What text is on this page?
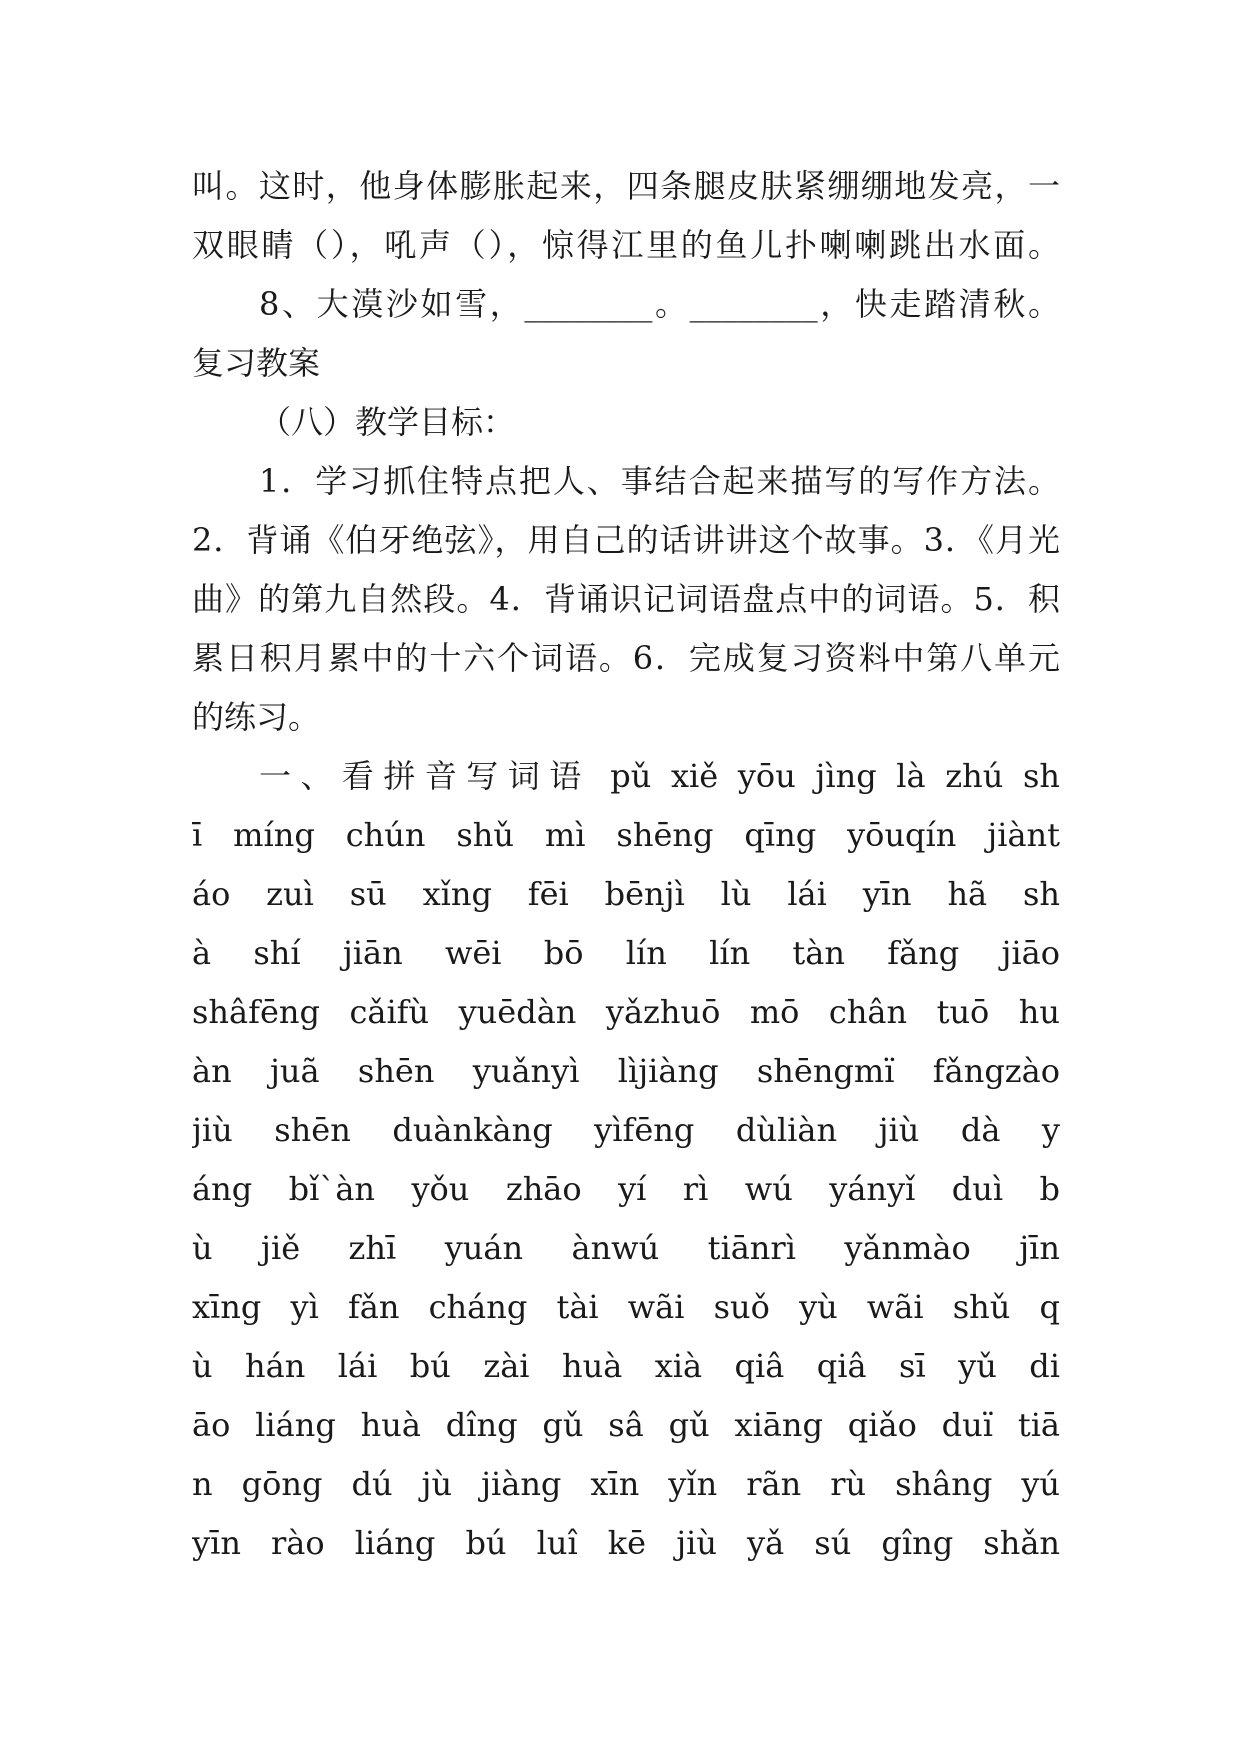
叫。这时，他身体膨胀起来，四条腿皮肤紧绷绷地发亮，一
双眼睛（），吼声（），惊得江里的鱼儿扑喇喇跳出水面。
8、大漠沙如雪，________。________，快走踏清秋。
复习教案
（八）教学目标：
1．学习抓住特点把人、事结合起来描写的写作方法。
2．背诵《伯牙绝弦》，用自己的话讲讲这个故事。3．《月光
曲》的第九自然段。4．背诵识记词语盘点中的词语。5．积
累日积月累中的十六个词语。6．完成复习资料中第八单元
的练习。
一、看拼音写词语 pǔ xiě yōu jìng là zhú sh
ī míng chún shǔ mì shēng qīng yōuqín jiànt
áo zuì sū xǐng fēi bēnjì lù lái yīn hã sh
à shí jiān wēi bō lín lín tàn fǎng jiāo
shâfēng cǎifù yuēdàn yǎzhuō mō chân tuō hu
àn juã shēn yuǎnyì lìjiàng shēngmï fǎngzào
jiù shēn duànkàng yìfēng dùliàn jiù dà y
áng bǐ`àn yǒu zhāo yí rì wú yányǐ duì b
ù jiě zhī yuán ànwú tiānrì yǎnmào jīn
xīng yì fǎn cháng tài wãi suǒ yù wãi shǔ q
ù hán lái bú zài huà xià qiâ qiâ sī yǔ di
āo liáng huà dîng gǔ sâ gǔ xiāng qiǎo duï tiā
n gōng dú jù jiàng xīn yǐn rãn rù shâng yú
yīn rào liáng bú luî kē jiù yǎ sú gîng shǎn
